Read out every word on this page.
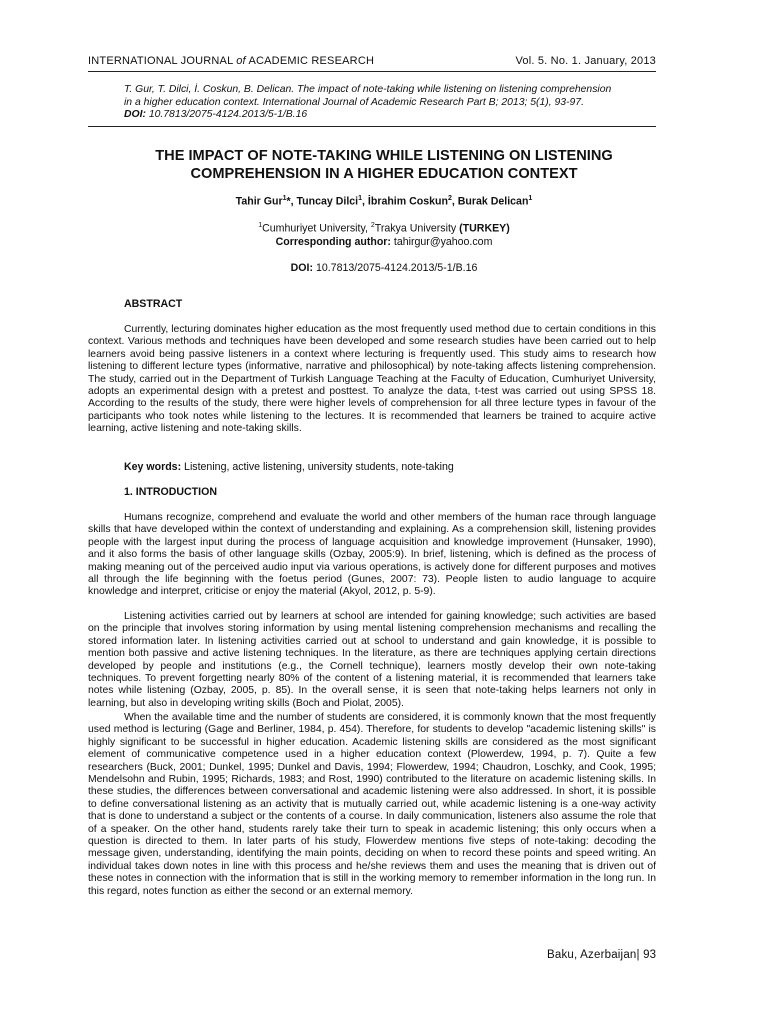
INTERNATIONAL JOURNAL of ACADEMIC RESEARCH	Vol. 5. No. 1. January, 2013
T. Gur, T. Dilci, İ. Coskun, B. Delican. The impact of note-taking while listening on listening comprehension
in a higher education context. International Journal of Academic Research Part B; 2013; 5(1), 93-97.
DOI: 10.7813/2075-4124.2013/5-1/B.16
THE IMPACT OF NOTE-TAKING WHILE LISTENING ON LISTENING
COMPREHENSION IN A HIGHER EDUCATION CONTEXT
Tahir Gur$^1$*, Tuncay Dilci$^1$, İbrahim Coskun$^2$, Burak Delican$^1$
$^1$Cumhuriyet University, $^2$Trakya University (TURKEY)
Corresponding author: tahirgur@yahoo.com
DOI: 10.7813/2075-4124.2013/5-1/B.16
ABSTRACT

Currently, lecturing dominates higher education as the most frequently used method due to certain conditions in this context. Various methods and techniques have been developed and some research studies have been carried out to help learners avoid being passive listeners in a context where lecturing is frequently used. This study aims to research how listening to different lecture types (informative, narrative and philosophical) by note-taking affects listening comprehension. The study, carried out in the Department of Turkish Language Teaching at the Faculty of Education, Cumhuriyet University, adopts an experimental design with a pretest and posttest. To analyze the data, t-test was carried out using SPSS 18. According to the results of the study, there were higher levels of comprehension for all three lecture types in favour of the participants who took notes while listening to the lectures. It is recommended that learners be trained to acquire active learning, active listening and note-taking skills.

Key words: Listening, active listening, university students, note-taking
1. INTRODUCTION

Humans recognize, comprehend and evaluate the world and other members of the human race through language skills that have developed within the context of understanding and explaining. As a comprehension skill, listening provides people with the largest input during the process of language acquisition and knowledge improvement (Hunsaker, 1990), and it also forms the basis of other language skills (Ozbay, 2005:9). In brief, listening, which is defined as the process of making meaning out of the perceived audio input via various operations, is actively done for different purposes and motives all through the life beginning with the foetus period (Gunes, 2007: 73). People listen to audio language to acquire knowledge and interpret, criticise or enjoy the material (Akyol, 2012, p. 5-9).

Listening activities carried out by learners at school are intended for gaining knowledge; such activities are based on the principle that involves storing information by using mental listening comprehension mechanisms and recalling the stored information later. In listening activities carried out at school to understand and gain knowledge, it is possible to mention both passive and active listening techniques. In the literature, as there are techniques applying certain directions developed by people and institutions (e.g., the Cornell technique), learners mostly develop their own note-taking techniques. To prevent forgetting nearly 80% of the content of a listening material, it is recommended that learners take notes while listening (Ozbay, 2005, p. 85). In the overall sense, it is seen that note-taking helps learners not only in learning, but also in developing writing skills (Boch and Piolat, 2005).

When the available time and the number of students are considered, it is commonly known that the most frequently used method is lecturing (Gage and Berliner, 1984, p. 454). Therefore, for students to develop "academic listening skills" is highly significant to be successful in higher education. Academic listening skills are considered as the most significant element of communicative competence used in a higher education context (Plowerdew, 1994, p. 7). Quite a few researchers (Buck, 2001; Dunkel, 1995; Dunkel and Davis, 1994; Flowerdew, 1994; Chaudron, Loschky, and Cook, 1995; Mendelsohn and Rubin, 1995; Richards, 1983; and Rost, 1990) contributed to the literature on academic listening skills. In these studies, the differences between conversational and academic listening were also addressed. In short, it is possible to define conversational listening as an activity that is mutually carried out, while academic listening is a one-way activity that is done to understand a subject or the contents of a course. In daily communication, listeners also assume the role that of a speaker. On the other hand, students rarely take their turn to speak in academic listening; this only occurs when a question is directed to them. In later parts of his study, Flowerdew mentions five steps of note-taking: decoding the message given, understanding, identifying the main points, deciding on when to record these points and speed writing. An individual takes down notes in line with this process and he/she reviews them and uses the meaning that is driven out of these notes in connection with the information that is still in the working memory to remember information in the long run. In this regard, notes function as either the second or an external memory.

Baku, Azerbaijan| 93
